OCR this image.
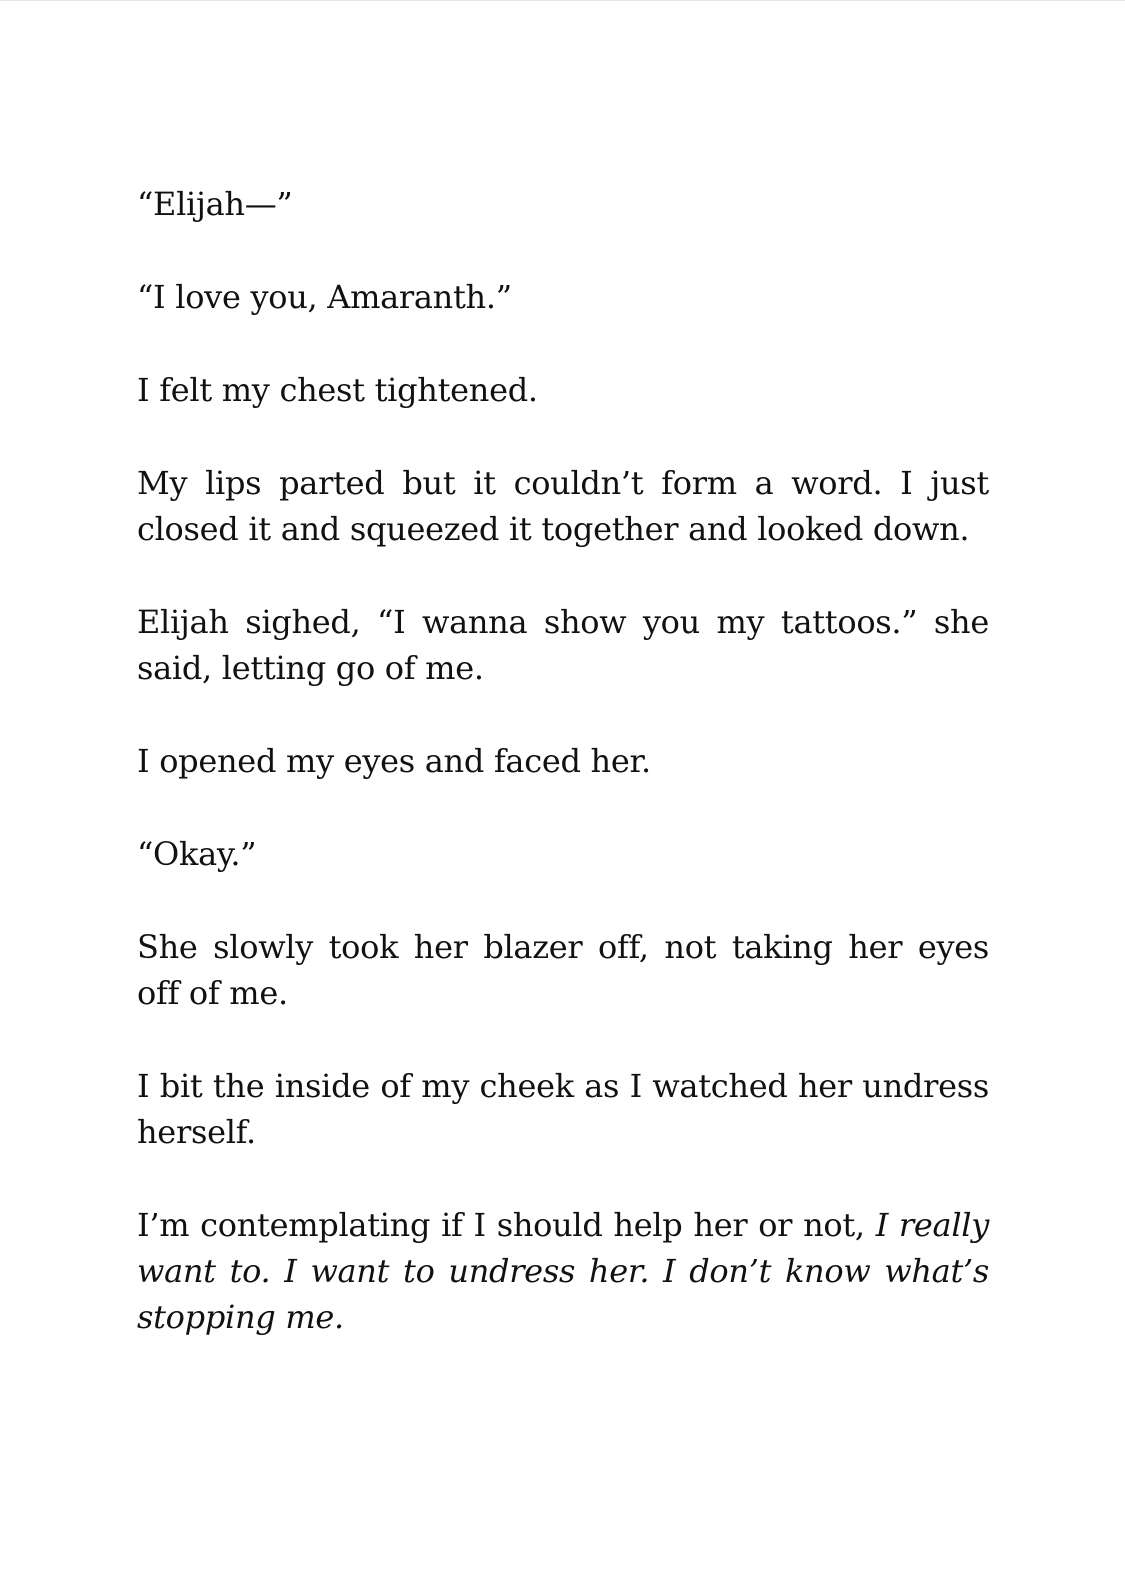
“Elijah—”

“I love you, Amaranth.”

I felt my chest tightened.

My lips parted but it couldn’t form a word. I just closed it and squeezed it together and looked down.

Elijah sighed, “I wanna show you my tattoos.” she said, letting go of me.

I opened my eyes and faced her.

“Okay.”

She slowly took her blazer off, not taking her eyes off of me.

I bit the inside of my cheek as I watched her undress herself.

I’m contemplating if I should help her or not, I really want to. I want to undress her. I don’t know what’s stopping me.
